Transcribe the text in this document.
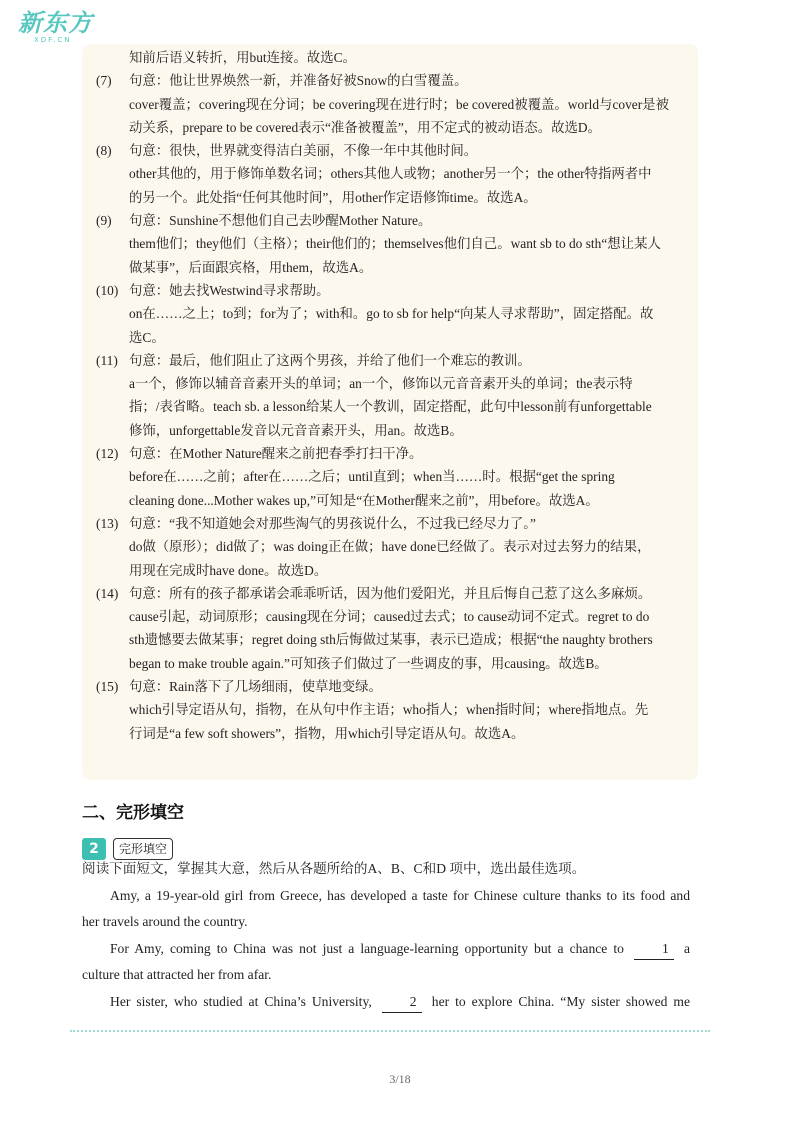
新东方
XDF.CN
知前后语义转折，用but连接。故选C。
(7)	句意：他让世界焕然一新，并准备好被Snow的白雪覆盖。
cover覆盖；covering现在分词；be covering现在进行时；be covered被覆盖。world与cover是被
动关系，prepare to be covered表示“准备被覆盖”，用不定式的被动语态。故选D。
(8)	句意：很快，世界就变得洁白美丽，不像一年中其他时间。
other其他的，用于修饰单数名词；others其他人或物；another另一个；the other特指两者中
的另一个。此处指“任何其他时间”，用other作定语修饰time。故选A。
(9)	句意：Sunshine不想他们自己去吵醒Mother Nature。
them他们；they他们（主格）；their他们的；themselves他们自己。want sb to do sth“想让某人
做某事”，后面跟宾格，用them，故选A。
(10) 句意：她去找Westwind寻求帮助。
on在……之上；to到；for为了；with和。go to sb for help“向某人寻求帮助”，固定搭配。故
选C。
(11) 句意：最后，他们阻止了这两个男孩，并给了他们一个难忘的教训。
a一个，修饰以辅音音素开头的单词；an一个，修饰以元音音素开头的单词；the表示特
指；/表省略。teach sb. a lesson给某人一个教训，固定搭配，此句中lesson前有unforgettable
修饰，unforgettable发音以元音音素开头，用an。故选B。
(12) 句意：在Mother Nature醒来之前把春季打扫干净。
before在……之前；after在……之后；until直到；when当……时。根据“get the spring
cleaning done...Mother wakes up,”可知是“在Mother醒来之前”，用before。故选A。
(13) 句意：“我不知道她会对那些淘气的男孩说什么，不过我已经尽力了。”
do做（原形）；did做了；was doing正在做；have done已经做了。表示对过去努力的结果，
用现在完成时have done。故选D。
(14) 句意：所有的孩子都承诺会乖乖听话，因为他们爱阳光，并且后悔自己惹了这么多麻烦。
cause引起，动词原形；causing现在分词；caused过去式；to cause动词不定式。regret to do
sth遗憾要去做某事；regret doing sth后悔做过某事，表示已造成；根据“the naughty brothers
began to make trouble again.”可知孩子们做过了一些调皮的事，用causing。故选B。
(15) 句意：Rain落下了几场细雨，使草地变绿。
which引导定语从句，指物，在从句中作主语；who指人；when指时间；where指地点。先
行词是“a few soft showers”，指物，用which引导定语从句。故选A。
二、完形填空
2	完形填空

阅读下面短文，掌握其大意，然后从各题所给的A、B、C和D 项中，选出最佳选项。

Amy, a 19-year-old girl from Greece, has developed a taste for Chinese culture thanks to its food and

her travels around the country.

For Amy, coming to China was not just a language-learning opportunity but a chance to	1 a

culture that attracted her from afar.

Her sister, who studied at China’s University,	2 her to explore China. “My sister showed me

3/18
